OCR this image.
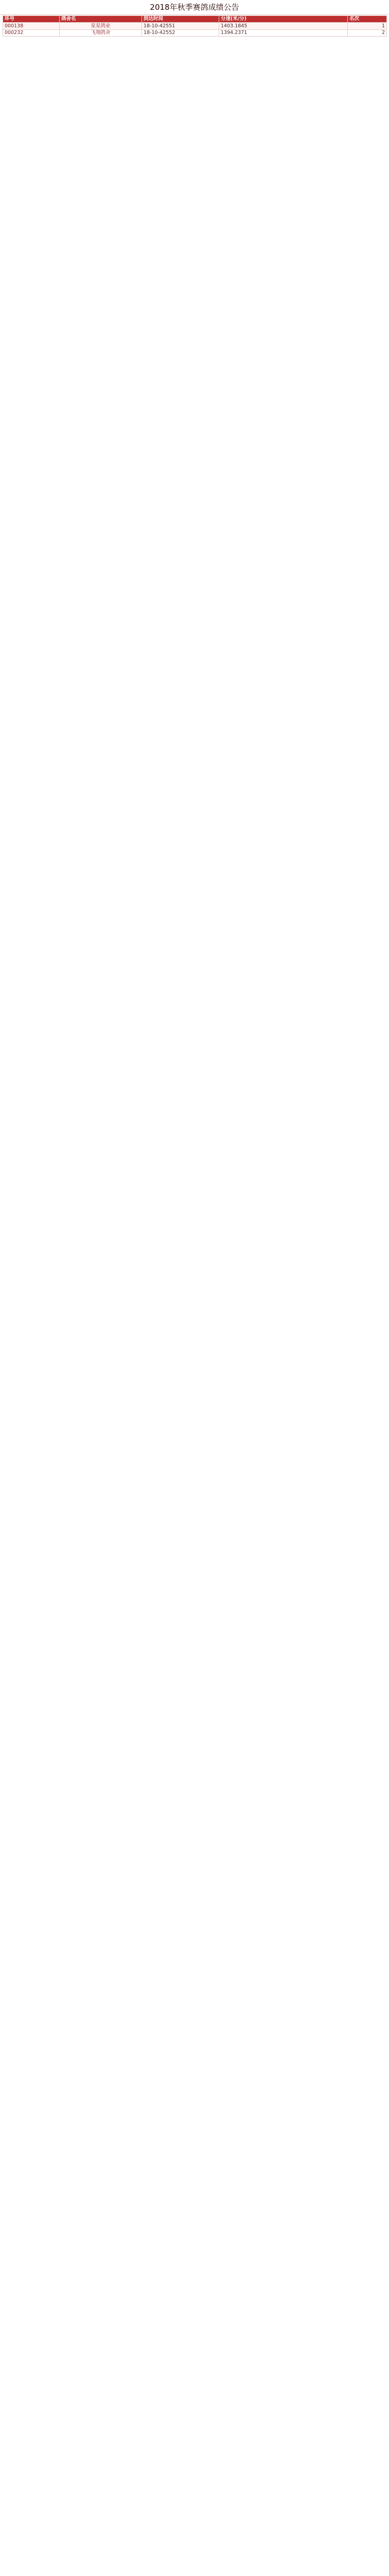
2018年秋季赛鸽成绩公告
环号	鸽舍名	到达时间	分速(米/分)	名次
000138	星星鸽业	18-10-42551	1403.1845	1
000232	飞翔鸽舍	18-10-42552	1394.2371	2
